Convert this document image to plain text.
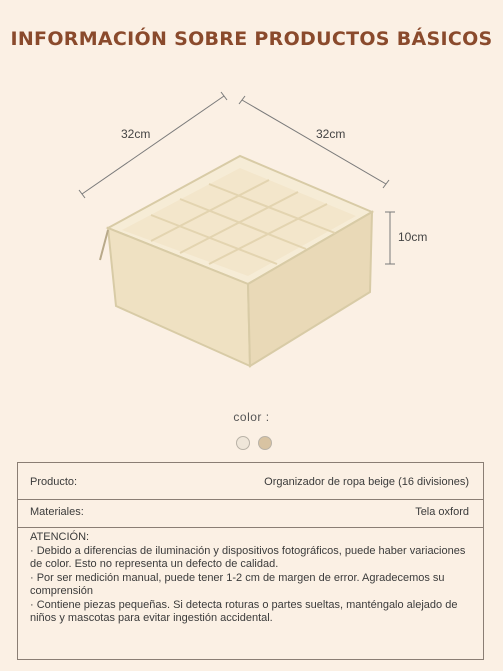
INFORMACIÓN SOBRE PRODUCTOS BÁSICOS
32cm	32cm
10cm
color :
Producto:	Organizador de ropa beige (16 divisiones)
Materiales:	Tela oxford
ATENCIÓN:
· Debido a diferencias de iluminación y dispositivos fotográficos, puede haber variaciones de color. Esto no representa un defecto de calidad.
· Por ser medición manual, puede tener 1-2 cm de margen de error. Agradecemos su comprensión
· Contiene piezas pequeñas. Si detecta roturas o partes sueltas, manténgalo alejado de niños y mascotas para evitar ingestión accidental.
